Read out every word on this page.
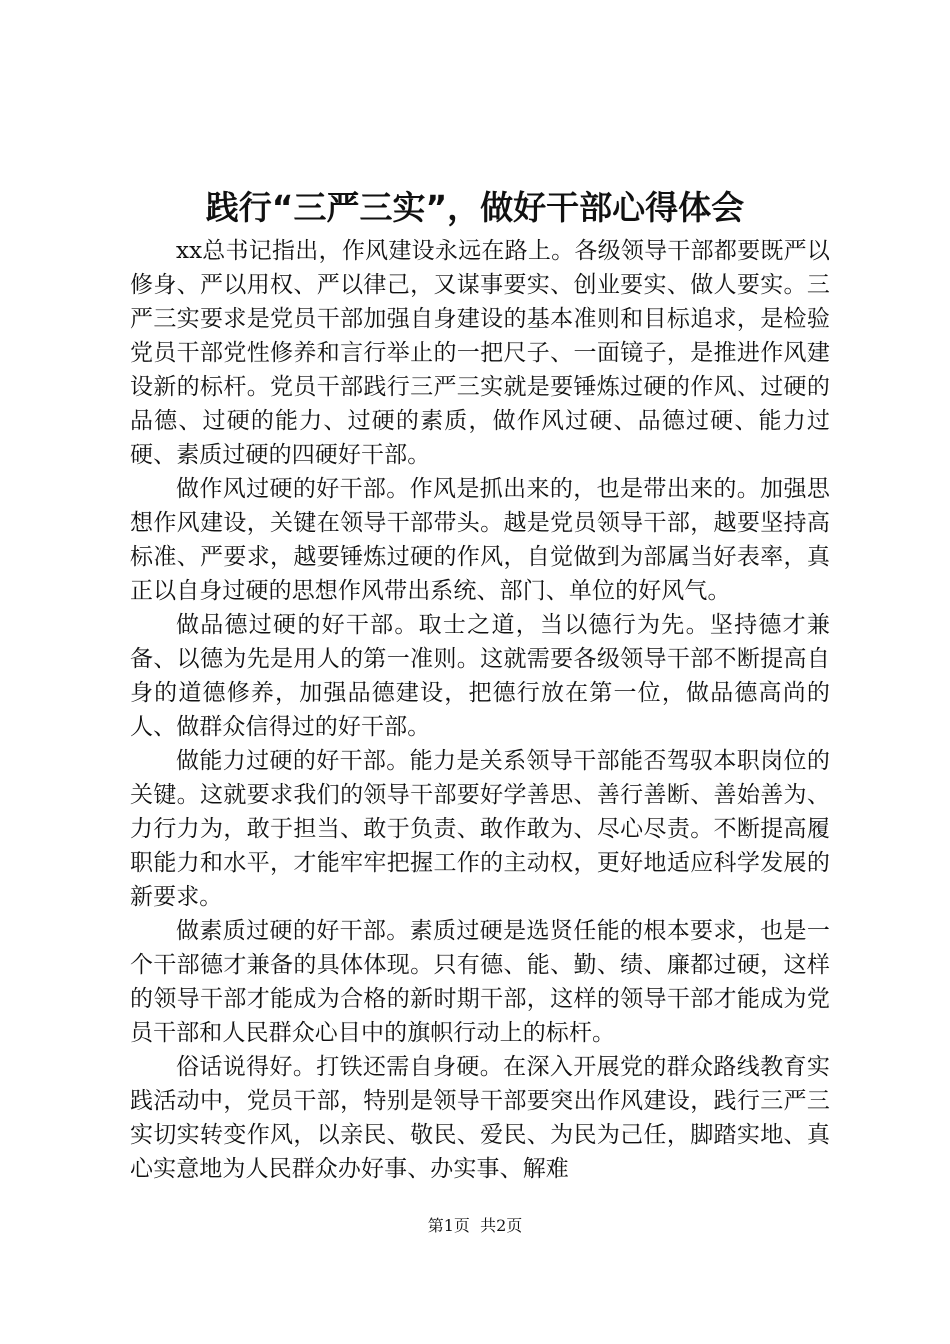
践行“三严三实”，做好干部心得体会

xx总书记指出，作风建设永远在路上。各级领导干部都要既严以修身、严以用权、严以律己，又谋事要实、创业要实、做人要实。三严三实要求是党员干部加强自身建设的基本准则和目标追求，是检验党员干部党性修养和言行举止的一把尺子、一面镜子，是推进作风建设新的标杆。党员干部践行三严三实就是要锤炼过硬的作风、过硬的品德、过硬的能力、过硬的素质，做作风过硬、品德过硬、能力过硬、素质过硬的四硬好干部。

做作风过硬的好干部。作风是抓出来的，也是带出来的。加强思想作风建设，关键在领导干部带头。越是党员领导干部，越要坚持高标准、严要求，越要锤炼过硬的作风，自觉做到为部属当好表率，真正以自身过硬的思想作风带出系统、部门、单位的好风气。

做品德过硬的好干部。取士之道，当以德行为先。坚持德才兼备、以德为先是用人的第一准则。这就需要各级领导干部不断提高自身的道德修养，加强品德建设，把德行放在第一位，做品德高尚的人、做群众信得过的好干部。

做能力过硬的好干部。能力是关系领导干部能否驾驭本职岗位的关键。这就要求我们的领导干部要好学善思、善行善断、善始善为、力行力为，敢于担当、敢于负责、敢作敢为、尽心尽责。不断提高履职能力和水平，才能牢牢把握工作的主动权，更好地适应科学发展的新要求。

做素质过硬的好干部。素质过硬是选贤任能的根本要求，也是一个干部德才兼备的具体体现。只有德、能、勤、绩、廉都过硬，这样的领导干部才能成为合格的新时期干部，这样的领导干部才能成为党员干部和人民群众心目中的旗帜行动上的标杆。

俗话说得好。打铁还需自身硬。在深入开展党的群众路线教育实践活动中，党员干部，特别是领导干部要突出作风建设，践行三严三实切实转变作风，以亲民、敬民、爱民、为民为己任，脚踏实地、真心实意地为人民群众办好事、办实事、解难

第1页 共2页
